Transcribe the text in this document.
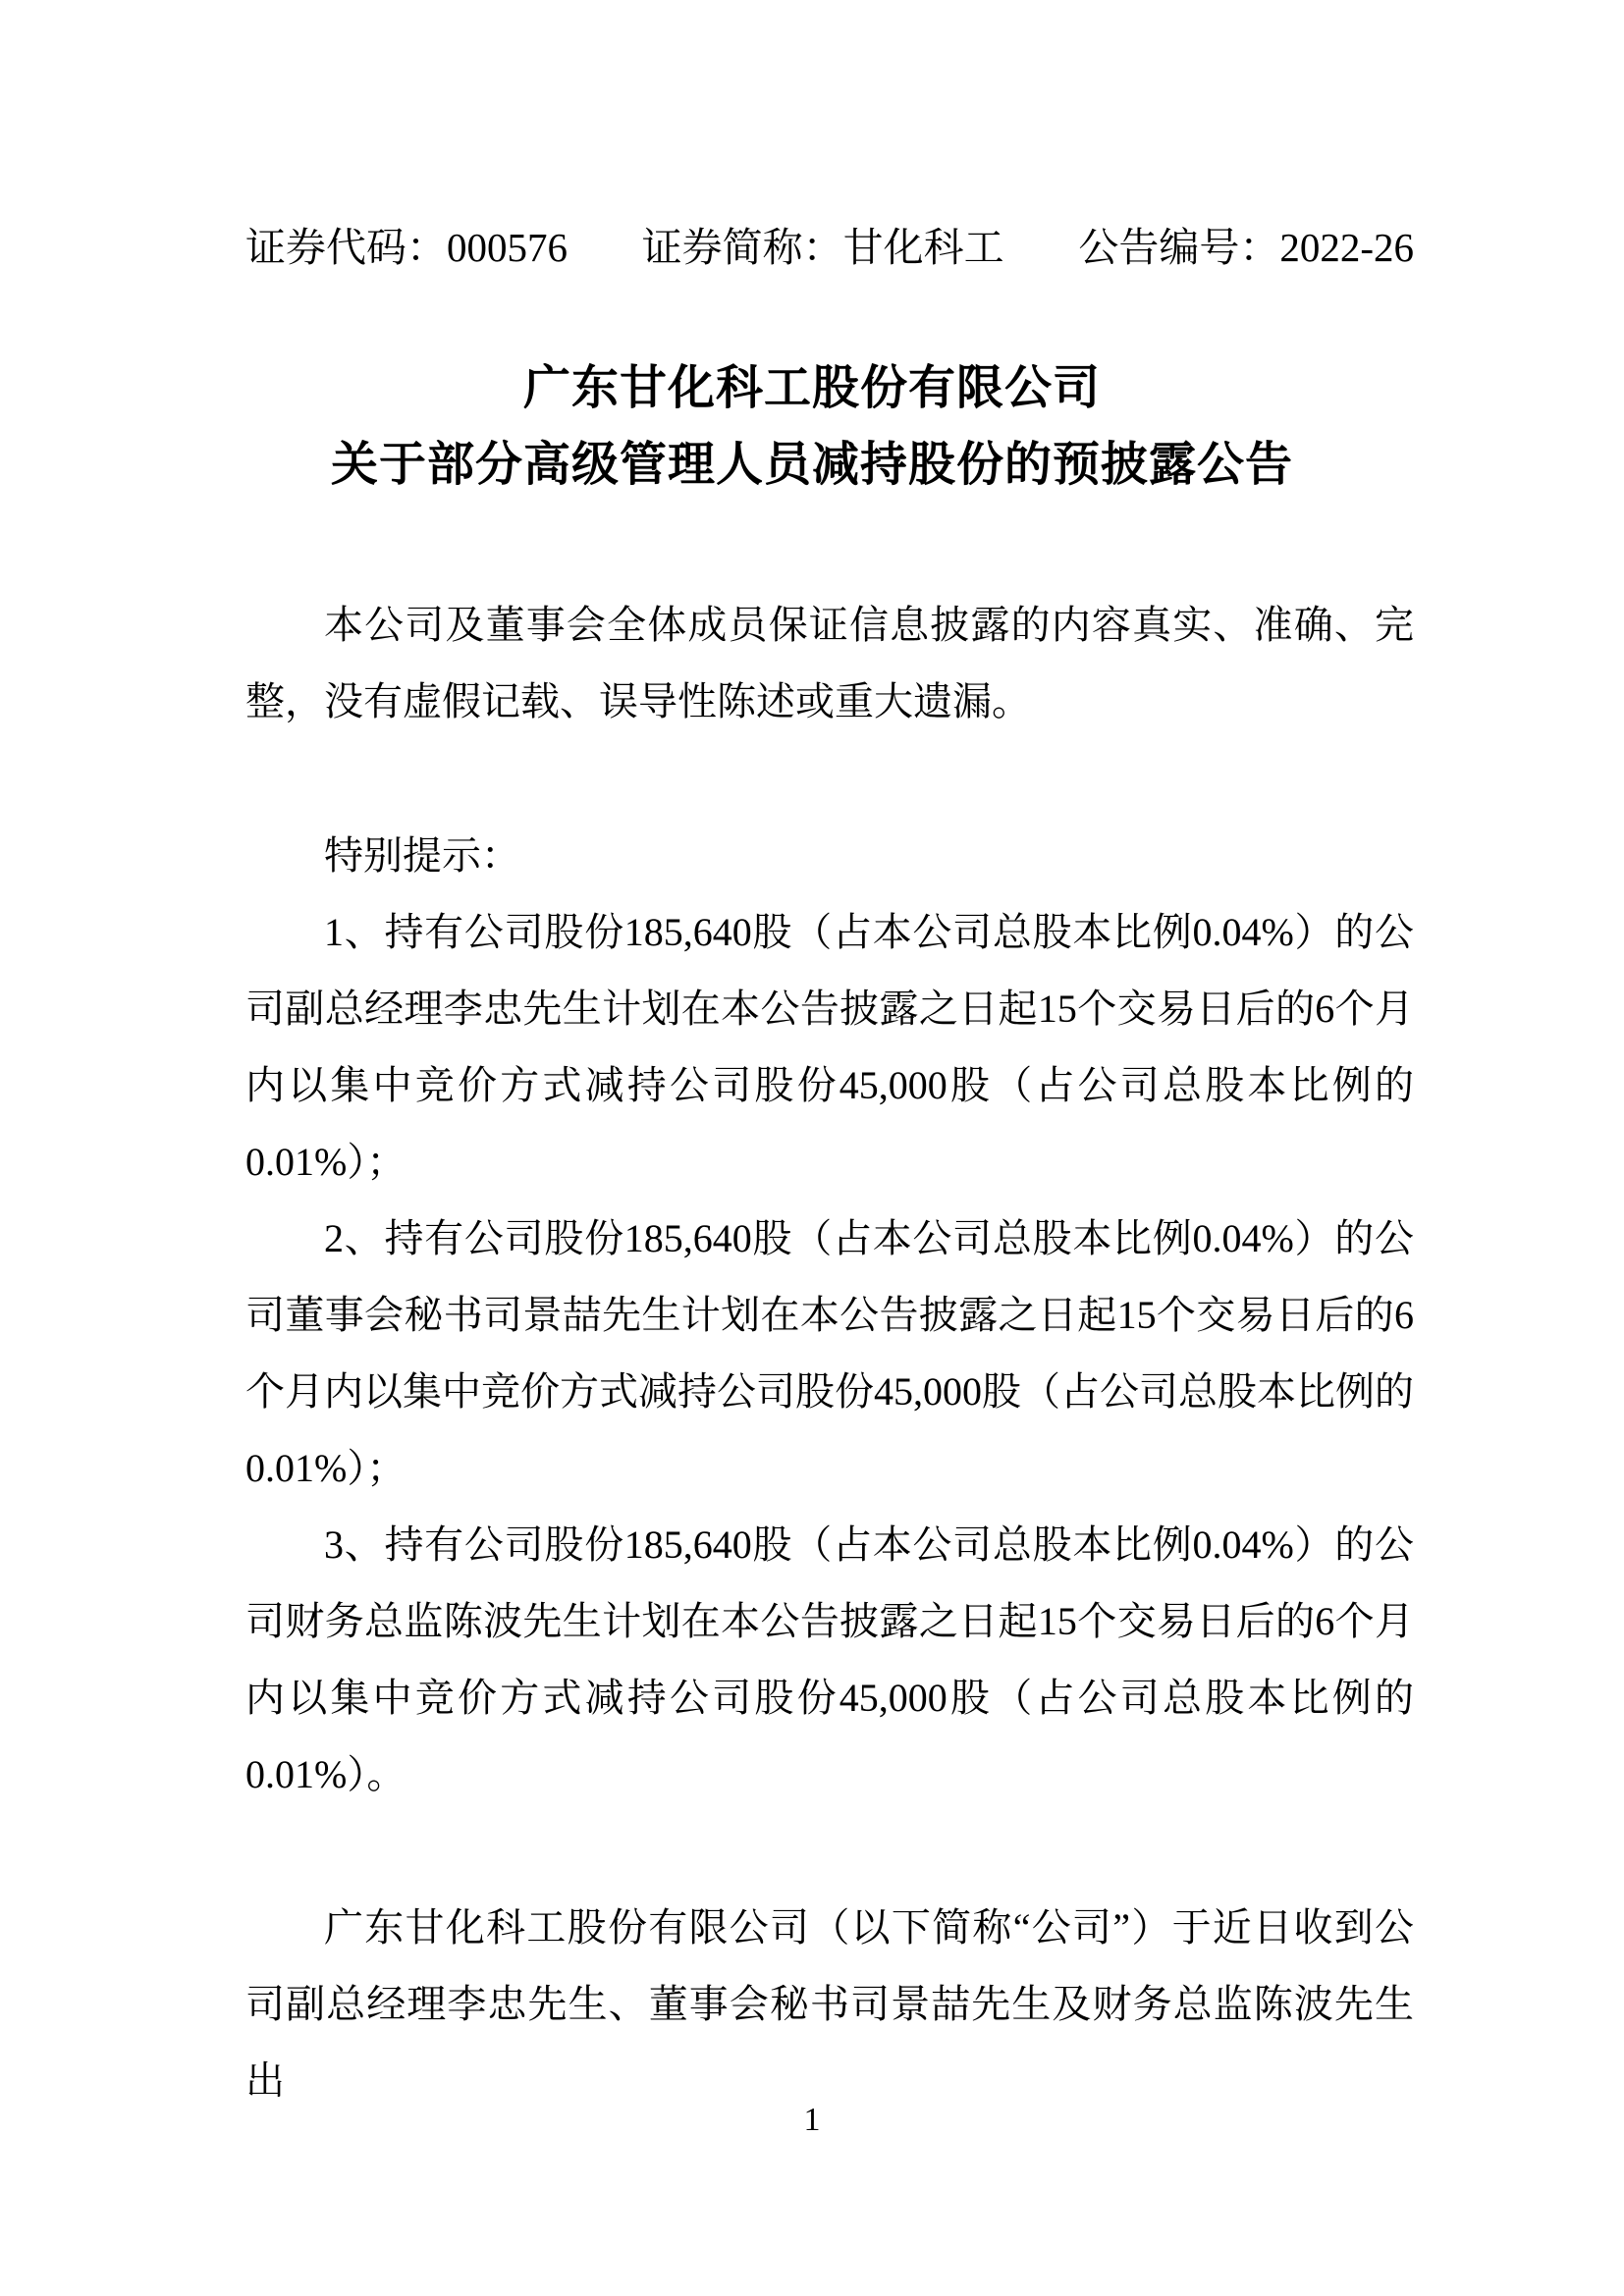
证券代码：000576 证券简称：甘化科工 公告编号：2022-26
广东甘化科工股份有限公司
关于部分高级管理人员减持股份的预披露公告

本公司及董事会全体成员保证信息披露的内容真实、准确、完整，没有虚假记载、误导性陈述或重大遗漏。

特别提示：

1、持有公司股份185,640股（占本公司总股本比例0.04%）的公司副总经理李忠先生计划在本公告披露之日起15个交易日后的6个月内以集中竞价方式减持公司股份45,000股（占公司总股本比例的0.01%）；

2、持有公司股份185,640股（占本公司总股本比例0.04%）的公司董事会秘书司景喆先生计划在本公告披露之日起15个交易日后的6个月内以集中竞价方式减持公司股份45,000股（占公司总股本比例的0.01%）；

3、持有公司股份185,640股（占本公司总股本比例0.04%）的公司财务总监陈波先生计划在本公告披露之日起15个交易日后的6个月内以集中竞价方式减持公司股份45,000股（占公司总股本比例的0.01%）。

广东甘化科工股份有限公司（以下简称“公司”）于近日收到公司副总经理李忠先生、董事会秘书司景喆先生及财务总监陈波先生出

1
